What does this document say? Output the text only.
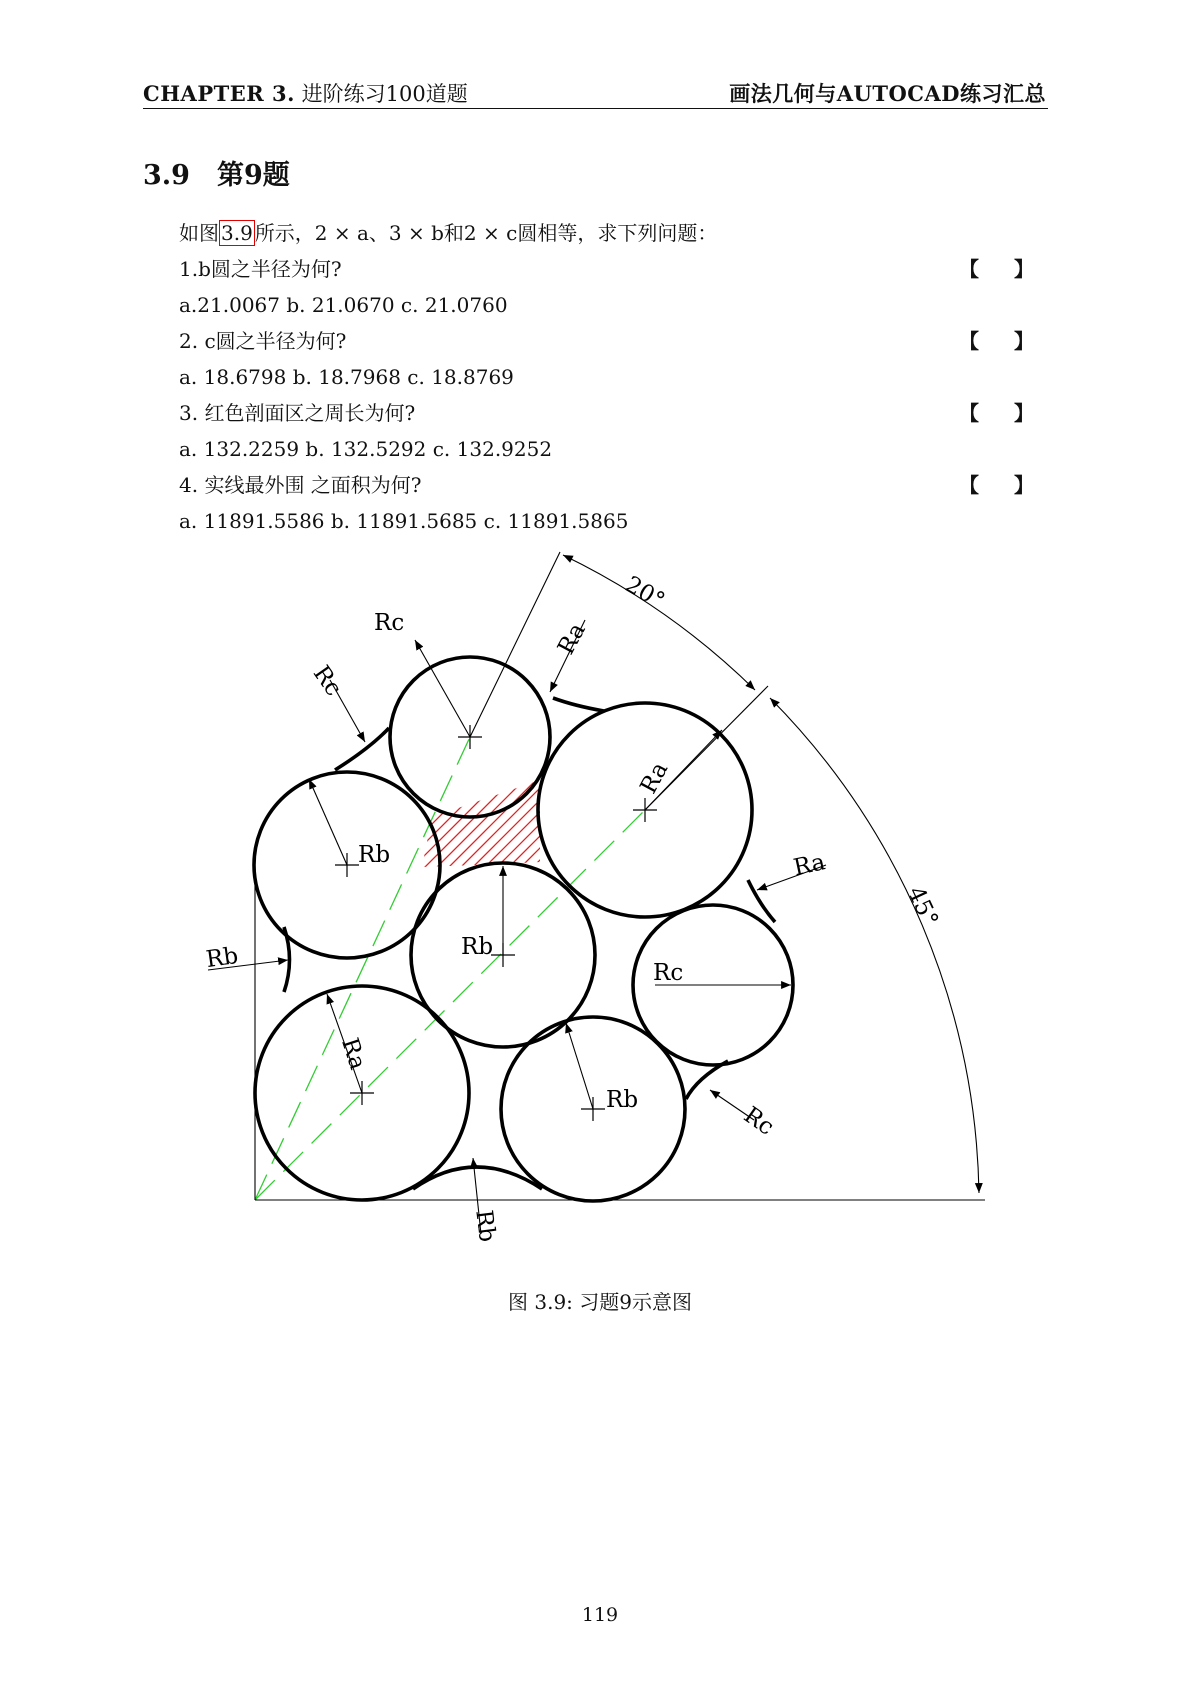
CHAPTER 3. 进阶练习100道题	画法几何与AUTOCAD练习汇总
3.9 第9题
如图 3.9 所示，2 × a、3 × b和2 × c圆相等，求下列问题：
1.b圆之半径为何?	【 】
a.21.0067 b. 21.0670 c. 21.0760
2. c圆之半径为何?	【 】
a. 18.6798 b. 18.7968 c. 18.8769
3. 红色剖面区之周长为何?	【 】
a. 132.2259 b. 132.5292 c. 132.9252
4. 实线最外围 之面积为何?	【 】
a. 11891.5586 b. 11891.5685 c. 11891.5865
20°
45°
Rc
Rc
Ra
Ra
Rb	Ra
Rb
Rc
Rb
Ra
Rb
Rc
Rb
图 3.9: 习题9示意图
119
